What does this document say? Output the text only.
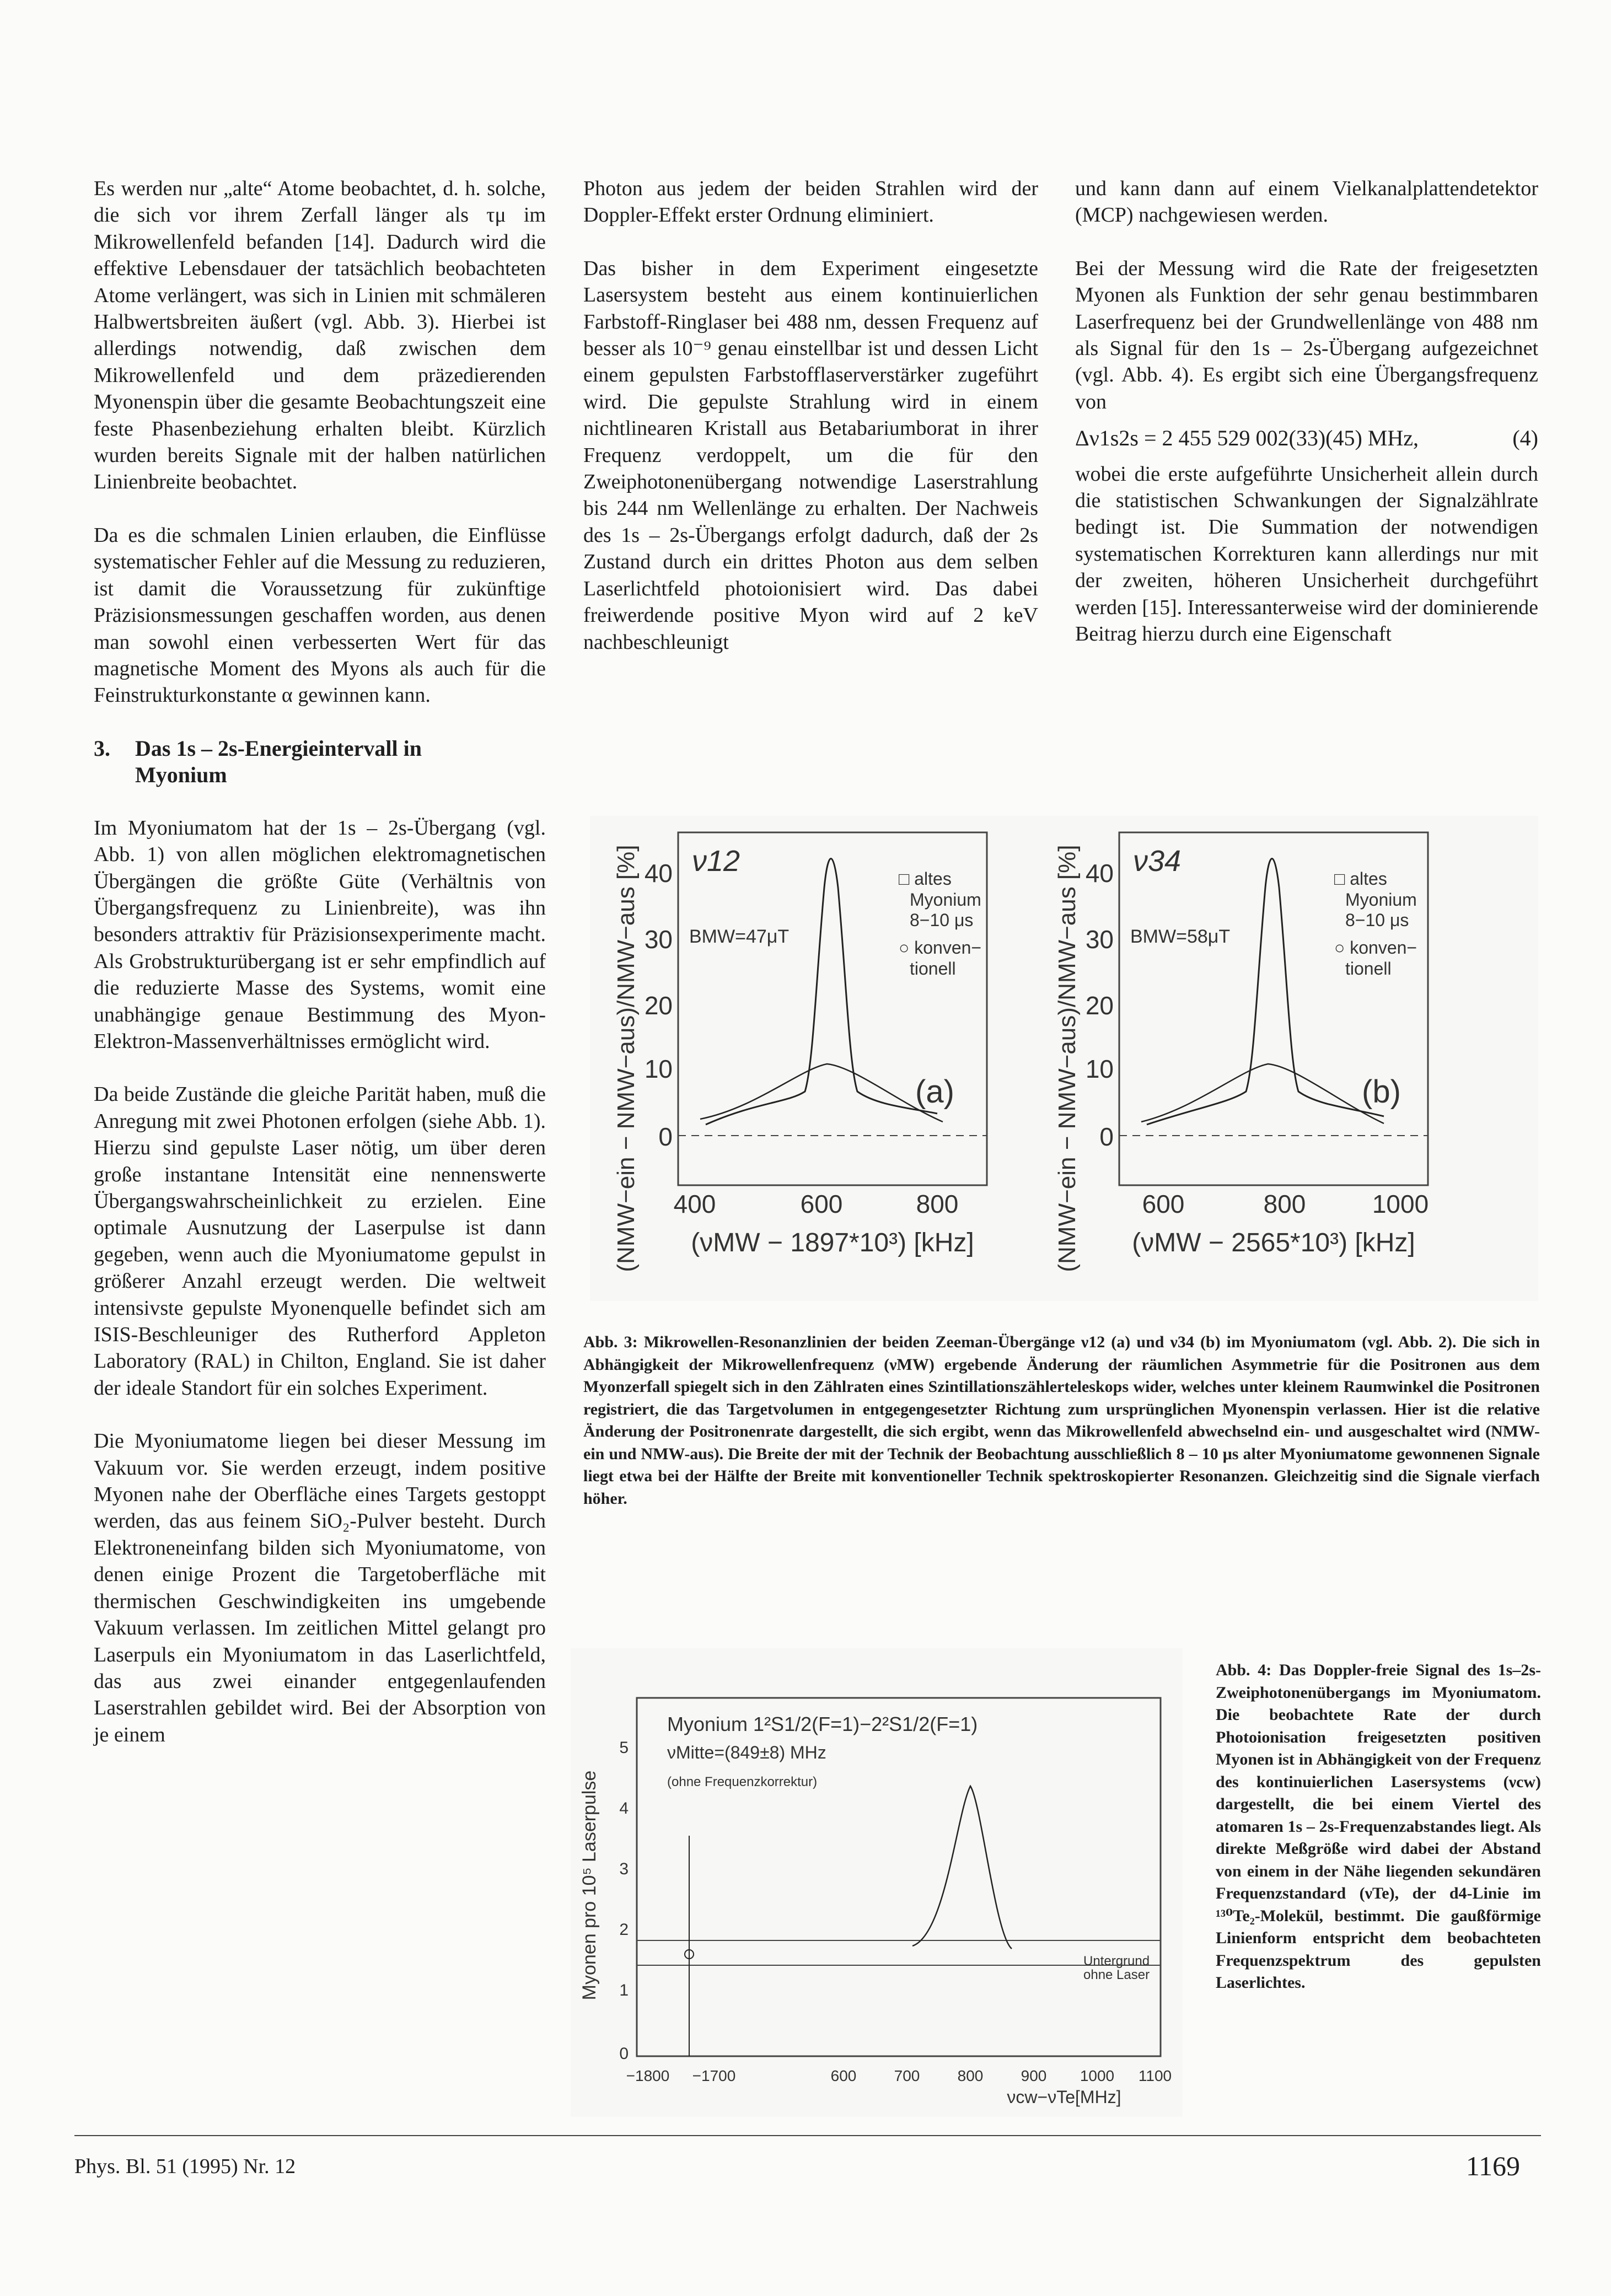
Es werden nur „alte“ Atome beobachtet, d. h. solche, die sich vor ihrem Zerfall länger als τμ im Mikrowellenfeld befanden [14]. Dadurch wird die effektive Lebensdauer der tatsächlich beobachteten Atome verlängert, was sich in Linien mit schmäleren Halbwertsbreiten äußert (vgl. Abb. 3). Hierbei ist allerdings notwendig, daß zwischen dem Mikrowellenfeld und dem präzedierenden Myonenspin über die gesamte Beobachtungszeit eine feste Phasenbeziehung erhalten bleibt. Kürzlich wurden bereits Signale mit der halben natürlichen Linienbreite beobachtet.

Da es die schmalen Linien erlauben, die Einflüsse systematischer Fehler auf die Messung zu reduzieren, ist damit die Voraussetzung für zukünftige Präzisionsmessungen geschaffen worden, aus denen man sowohl einen verbesserten Wert für das magnetische Moment des Myons als auch für die Feinstrukturkonstante α gewinnen kann.

3. Das 1s – 2s-Energieintervall in
Myonium

Im Myoniumatom hat der 1s – 2s-Übergang (vgl. Abb. 1) von allen möglichen elektromagnetischen Übergängen die größte Güte (Verhältnis von Übergangsfrequenz zu Linienbreite), was ihn besonders attraktiv für Präzisionsexperimente macht. Als Grobstrukturübergang ist er sehr empfindlich auf die reduzierte Masse des Systems, womit eine unabhängige genaue Bestimmung des Myon-Elektron-Massenverhältnisses ermöglicht wird.

Da beide Zustände die gleiche Parität haben, muß die Anregung mit zwei Photonen erfolgen (siehe Abb. 1). Hierzu sind gepulste Laser nötig, um über deren große instantane Intensität eine nennenswerte Übergangswahrscheinlichkeit zu erzielen. Eine optimale Ausnutzung der Laserpulse ist dann gegeben, wenn auch die Myoniumatome gepulst in größerer Anzahl erzeugt werden. Die weltweit intensivste gepulste Myonenquelle befindet sich am ISIS-Beschleuniger des Rutherford Appleton Laboratory (RAL) in Chilton, England. Sie ist daher der ideale Standort für ein solches Experiment.

Die Myoniumatome liegen bei dieser Messung im Vakuum vor. Sie werden erzeugt, indem positive Myonen nahe der Oberfläche eines Targets gestoppt werden, das aus feinem SiO₂-Pulver besteht. Durch Elektroneneinfang bilden sich Myoniumatome, von denen einige Prozent die Targetoberfläche mit thermischen Geschwindigkeiten ins umgebende Vakuum verlassen. Im zeitlichen Mittel gelangt pro Laserpuls ein Myoniumatom in das Laserlichtfeld, das aus zwei einander entgegenlaufenden Laserstrahlen gebildet wird. Bei der Absorption von je einem

Photon aus jedem der beiden Strahlen wird der Doppler-Effekt erster Ordnung eliminiert.

Das bisher in dem Experiment eingesetzte Lasersystem besteht aus einem kontinuierlichen Farbstoff-Ringlaser bei 488 nm, dessen Frequenz auf besser als 10⁻⁹ genau einstellbar ist und dessen Licht einem gepulsten Farbstofflaserverstärker zugeführt wird. Die gepulste Strahlung wird in einem nichtlinearen Kristall aus Betabariumborat in ihrer Frequenz verdoppelt, um die für den Zweiphotonenübergang notwendige Laserstrahlung bis 244 nm Wellenlänge zu erhalten. Der Nachweis des 1s – 2s-Übergangs erfolgt dadurch, daß der 2s Zustand durch ein drittes Photon aus dem selben Laserlichtfeld photoionisiert wird. Das dabei freiwerdende positive Myon wird auf 2 keV nachbeschleunigt

und kann dann auf einem Vielkanalplattendetektor (MCP) nachgewiesen werden.

Bei der Messung wird die Rate der freigesetzten Myonen als Funktion der sehr genau bestimmbaren Laserfrequenz bei der Grundwellenlänge von 488 nm als Signal für den 1s – 2s-Übergang aufgezeichnet (vgl. Abb. 4). Es ergibt sich eine Übergangsfrequenz von

Δν1s2s = 2 455 529 002(33)(45) MHz,	(4)

wobei die erste aufgeführte Unsicherheit allein durch die statistischen Schwankungen der Signalzählrate bedingt ist. Die Summation der notwendigen systematischen Korrekturen kann allerdings nur mit der zweiten, höheren Unsicherheit durchgeführt werden [15]. Interessanterweise wird der dominierende Beitrag hierzu durch eine Eigenschaft

(NMW−ein − NMW−aus)/NMW−aus [%] 40
30
20
10
0
400	600	800
(νMW − 1897*10³) [kHz]
ν12
BMW=47μT
□ altes
Myonium
8−10 μs
○ konven−
tionell
(a)	(NMW−ein − NMW−aus)/NMW−aus [%] 40
30
20
10
0
600	800	1000
(νMW − 2565*10³) [kHz]
ν34
BMW=58μT
□ altes
Myonium
8−10 μs
○ konven−
tionell
(b)
Abb. 3: Mikrowellen-Resonanzlinien der beiden Zeeman-Übergänge ν12 (a) und ν34 (b) im Myoniumatom (vgl. Abb. 2). Die sich in Abhängigkeit der Mikrowellenfrequenz (νMW) ergebende Änderung der räumlichen Asymmetrie für die Positronen aus dem Myonzerfall spiegelt sich in den Zählraten eines Szintillationszählerteleskops wider, welches unter kleinem Raumwinkel die Positronen registriert, die das Targetvolumen in entgegengesetzter Richtung zum ursprünglichen Myonenspin verlassen. Hier ist die relative Änderung der Positronenrate dargestellt, die sich ergibt, wenn das Mikrowellenfeld abwechselnd ein- und ausgeschaltet wird (NMW-ein und NMW-aus). Die Breite der mit der Technik der Beobachtung ausschließlich 8 – 10 μs alter Myoniumatome gewonnenen Signale liegt etwa bei der Hälfte der Breite mit konventioneller Technik spektroskopierter Resonanzen. Gleichzeitig sind die Signale vierfach höher.
Myonen pro 10⁵ Laserpulse
0
1
2
3
4
5
−1800 −1700	600 700 800 900 1000 1100
νcw−νTe[MHz]
Myonium 1²S1/2(F=1)−2²S1/2(F=1)
νMitte=(849±8) MHz
(ohne Frequenzkorrektur)
Untergrund
ohne Laser
Abb. 4: Das Doppler-freie Signal des 1s–2s-Zweiphotonenübergangs im Myoniumatom. Die beobachtete Rate der durch Photoionisation freigesetzten positiven Myonen ist in Abhängigkeit von der Frequenz des kontinuierlichen Lasersystems (νcw) dargestellt, die bei einem Viertel des atomaren 1s – 2s-Frequenzabstandes liegt. Als direkte Meßgröße wird dabei der Abstand von einem in der Nähe liegenden sekundären Frequenzstandard (νTe), der d4-Linie im ¹³⁰Te₂-Molekül, bestimmt. Die gaußförmige Linienform entspricht dem beobachteten Frequenzspektrum des gepulsten Laserlichtes.
Phys. Bl. 51 (1995) Nr. 12	1169
